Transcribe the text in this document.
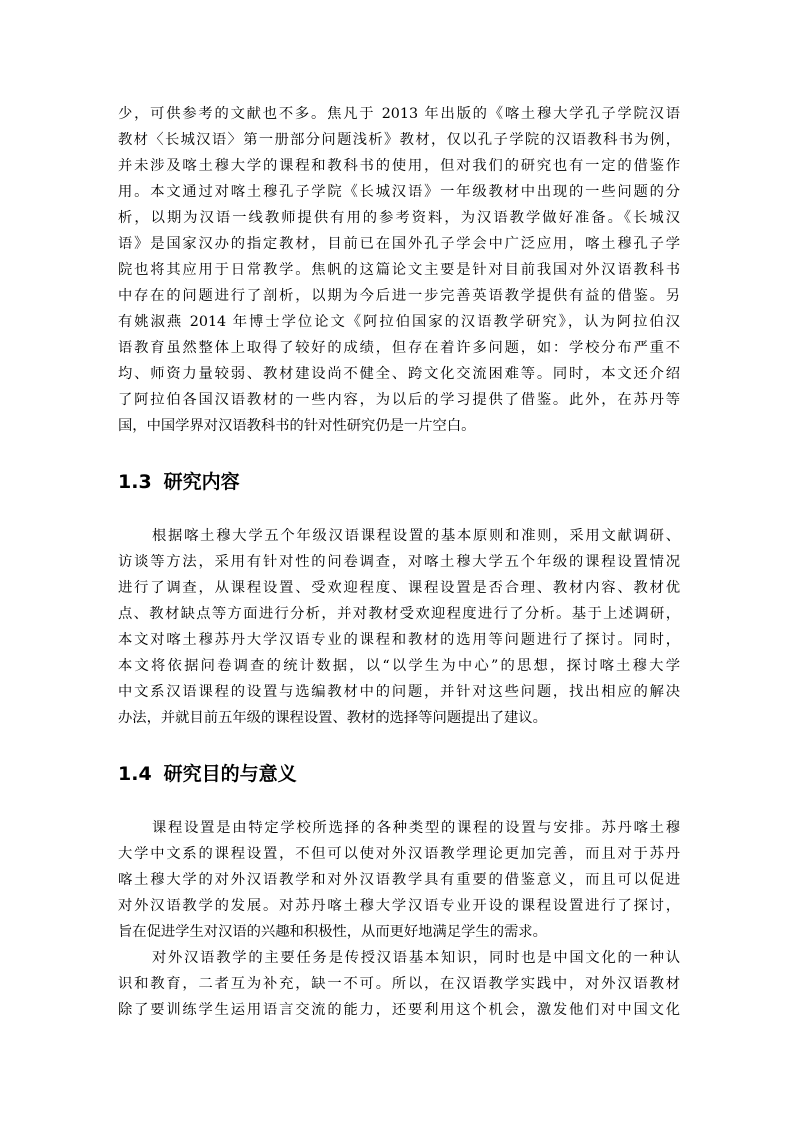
少，可供参考的文献也不多。焦凡于 2013 年出版的《喀土穆大学孔子学院汉语
教材〈长城汉语〉第一册部分问题浅析》教材，仅以孔子学院的汉语教科书为例，
并未涉及喀土穆大学的课程和教科书的使用，但对我们的研究也有一定的借鉴作
用。本文通过对喀土穆孔子学院《长城汉语》一年级教材中出现的一些问题的分
析，以期为汉语一线教师提供有用的参考资料，为汉语教学做好准备。《长城汉
语》是国家汉办的指定教材，目前已在国外孔子学会中广泛应用，喀土穆孔子学
院也将其应用于日常教学。焦帆的这篇论文主要是针对目前我国对外汉语教科书
中存在的问题进行了剖析，以期为今后进一步完善英语教学提供有益的借鉴。另
有姚淑燕 2014 年博士学位论文《阿拉伯国家的汉语教学研究》，认为阿拉伯汉
语教育虽然整体上取得了较好的成绩，但存在着许多问题，如：学校分布严重不
均、师资力量较弱、教材建设尚不健全、跨文化交流困难等。同时，本文还介绍
了阿拉伯各国汉语教材的一些内容，为以后的学习提供了借鉴。此外，在苏丹等
国，中国学界对汉语教科书的针对性研究仍是一片空白。
1.3 研究内容
根据喀土穆大学五个年级汉语课程设置的基本原则和准则，采用文献调研、
访谈等方法，采用有针对性的问卷调查，对喀土穆大学五个年级的课程设置情况
进行了调查，从课程设置、受欢迎程度、课程设置是否合理、教材内容、教材优
点、教材缺点等方面进行分析，并对教材受欢迎程度进行了分析。基于上述调研，
本文对喀土穆苏丹大学汉语专业的课程和教材的选用等问题进行了探讨。同时，
本文将依据问卷调查的统计数据，以“以学生为中心”的思想，探讨喀土穆大学
中文系汉语课程的设置与选编教材中的问题，并针对这些问题，找出相应的解决
办法，并就目前五年级的课程设置、教材的选择等问题提出了建议。
1.4 研究目的与意义
课程设置是由特定学校所选择的各种类型的课程的设置与安排。苏丹喀土穆
大学中文系的课程设置，不但可以使对外汉语教学理论更加完善，而且对于苏丹
喀土穆大学的对外汉语教学和对外汉语教学具有重要的借鉴意义，而且可以促进
对外汉语教学的发展。对苏丹喀土穆大学汉语专业开设的课程设置进行了探讨，
旨在促进学生对汉语的兴趣和积极性，从而更好地满足学生的需求。
对外汉语教学的主要任务是传授汉语基本知识，同时也是中国文化的一种认
识和教育，二者互为补充，缺一不可。所以，在汉语教学实践中，对外汉语教材
除了要训练学生运用语言交流的能力，还要利用这个机会，激发他们对中国文化
